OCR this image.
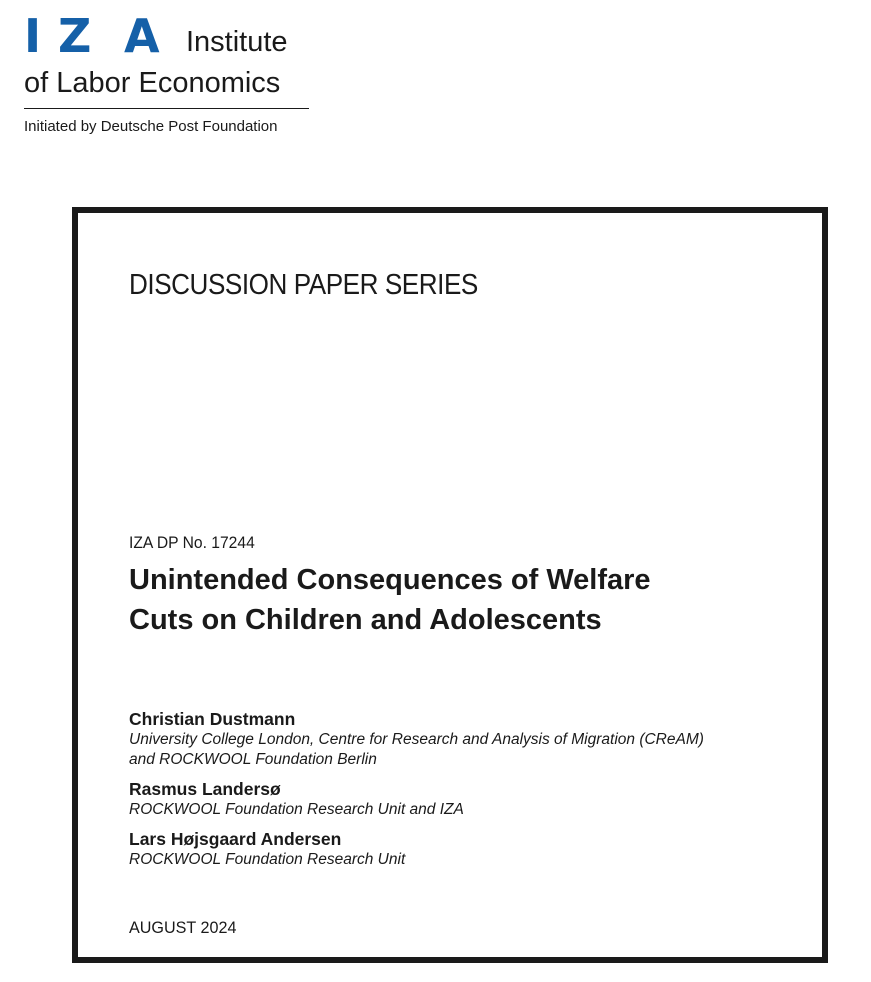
I Z A Institute
of Labor Economics
Initiated by Deutsche Post Foundation
DISCUSSION PAPER SERIES
IZA DP No. 17244
Unintended Consequences of Welfare
Cuts on Children and Adolescents
Christian Dustmann
University College London, Centre for Research and Analysis of Migration (CReAM)
and ROCKWOOL Foundation Berlin
Rasmus Landersø
ROCKWOOL Foundation Research Unit and IZA
Lars Højsgaard Andersen
ROCKWOOL Foundation Research Unit
AUGUST 2024
